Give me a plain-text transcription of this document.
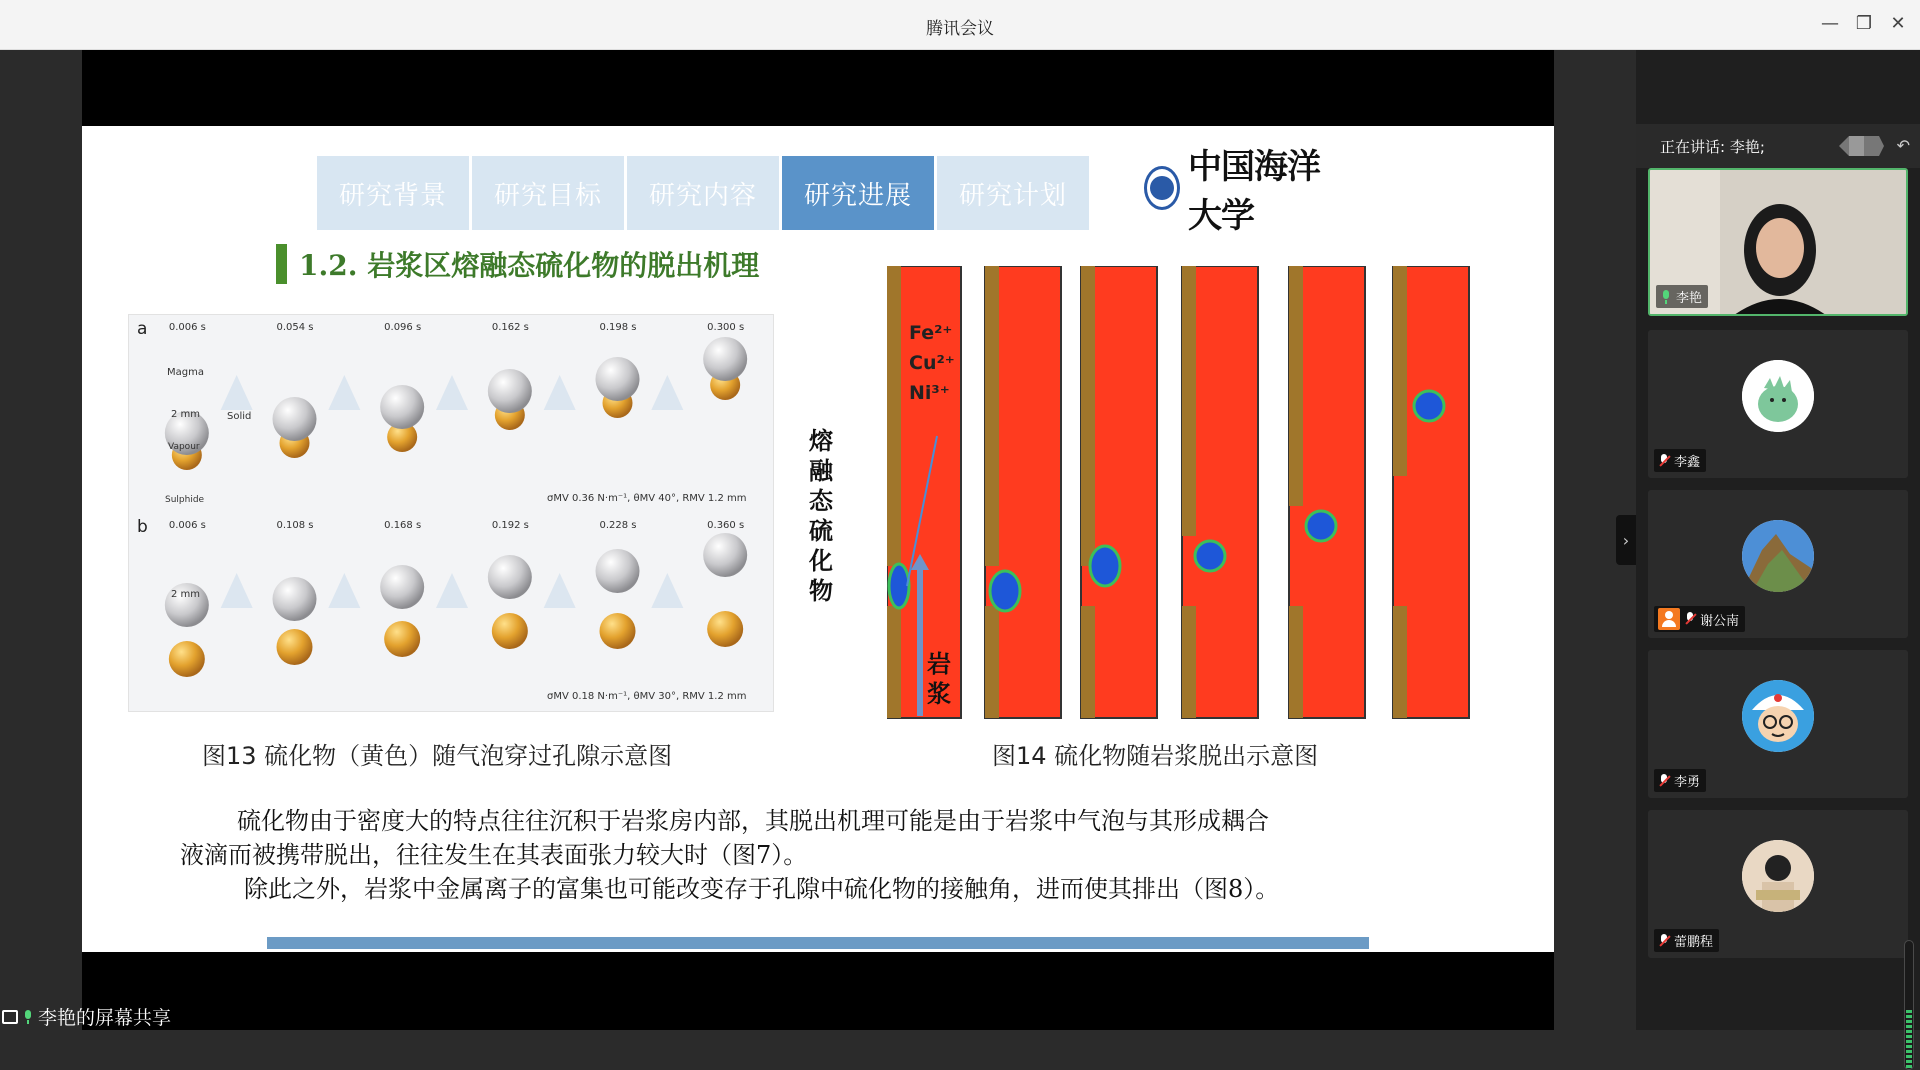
腾讯会议	— ❐	✕
研究背景	研究目标	研究内容	研究进展	研究计划
中国海洋大学
1.2. 岩浆区熔融态硫化物的脱出机理
a
b
Magma
Solid
Vapour
Sulphide
2 mm
2 mm
σMV 0.36 N·m⁻¹, θMV 40°, RMV 1.2 mm
σMV 0.18 N·m⁻¹, θMV 30°, RMV 1.2 mm
0.006 s	0.054 s	0.096 s	0.162 s	0.198 s	0.300 s
0.006 s	0.108 s	0.168 s	0.192 s	0.228 s	0.360 s
熔融态硫化物
Fe²⁺
Cu²⁺
Ni³⁺
岩浆
图13 硫化物（黄色）随气泡穿过孔隙示意图	图14 硫化物随岩浆脱出示意图
硫化物由于密度大的特点往往沉积于岩浆房内部，其脱出机理可能是由于岩浆中气泡与其形成耦合
液滴而被携带脱出，往往发生在其表面张力较大时（图7）。
除此之外，岩浆中金属离子的富集也可能改变存于孔隙中硫化物的接触角，进而使其排出（图8）。
李艳的屏幕共享
›
正在讲话: 李艳;	↶
李艳
李鑫
谢公南
李勇
蕾鹏程
